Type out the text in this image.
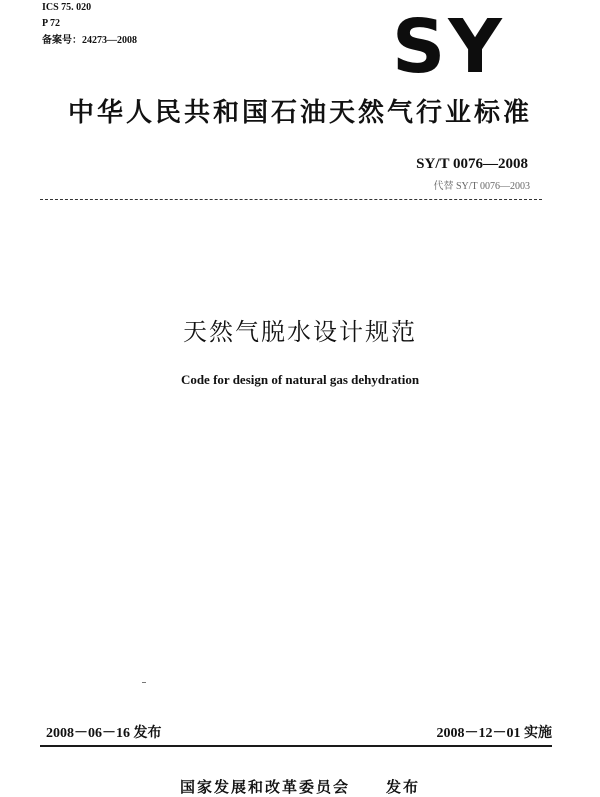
ICS 75. 020
P 72
备案号：24273—2008	SY
中华人民共和国石油天然气行业标准
SY/T 0076—2008
代替 SY/T 0076—2003
天然气脱水设计规范
Code for design of natural gas dehydration
2008－06－16 发布	2008－12－01 实施
国家发展和改革委员会 发布
